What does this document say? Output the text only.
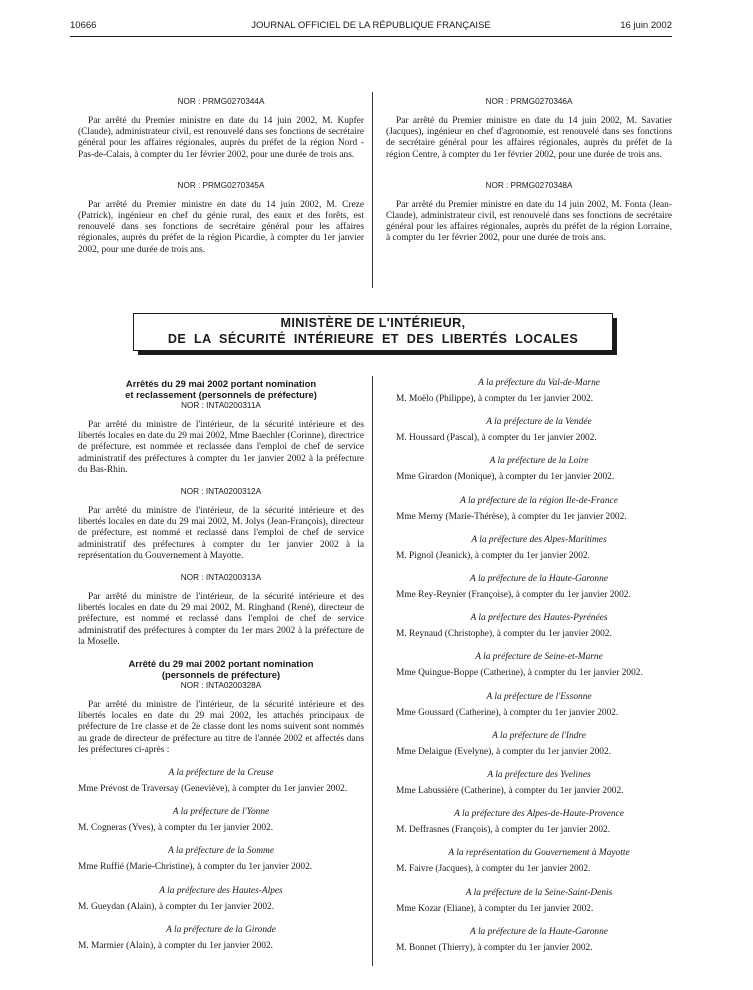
10666	JOURNAL OFFICIEL DE LA RÉPUBLIQUE FRANÇAISE	16 juin 2002
NOR : PRMG0270344A

Par arrêté du Premier ministre en date du 14 juin 2002, M. Kupfer (Claude), administrateur civil, est renouvelé dans ses fonctions de secrétaire général pour les affaires régionales, auprès du préfet de la région Nord - Pas-de-Calais, à compter du 1er février 2002, pour une durée de trois ans.

NOR : PRMG0270345A

Par arrêté du Premier ministre en date du 14 juin 2002, M. Creze (Patrick), ingénieur en chef du génie rural, des eaux et des forêts, est renouvelé dans ses fonctions de secrétaire général pour les affaires régionales, auprès du préfet de la région Picardie, à compter du 1er janvier 2002, pour une durée de trois ans.

NOR : PRMG0270346A

Par arrêté du Premier ministre en date du 14 juin 2002, M. Savatier (Jacques), ingénieur en chef d'agronomie, est renouvelé dans ses fonctions de secrétaire général pour les affaires régionales, auprès du préfet de la région Centre, à compter du 1er février 2002, pour une durée de trois ans.

NOR : PRMG0270348A

Par arrêté du Premier ministre en date du 14 juin 2002, M. Fonta (Jean-Claude), administrateur civil, est renouvelé dans ses fonctions de secrétaire général pour les affaires régionales, auprès du préfet de la région Lorraine, à compter du 1er février 2002, pour une durée de trois ans.

MINISTÈRE DE L'INTÉRIEUR,
DE LA SÉCURITÉ INTÉRIEURE ET DES LIBERTÉS LOCALES
Arrêtés du 29 mai 2002 portant nomination
et reclassement (personnels de préfecture)
NOR : INTA0200311A

Par arrêté du ministre de l'intérieur, de la sécurité intérieure et des libertés locales en date du 29 mai 2002, Mme Baechler (Corinne), directrice de préfecture, est nommée et reclassée dans l'emploi de chef de service administratif des préfectures à compter du 1er janvier 2002 à la préfecture du Bas-Rhin.

NOR : INTA0200312A

Par arrêté du ministre de l'intérieur, de la sécurité intérieure et des libertés locales en date du 29 mai 2002, M. Jolys (Jean-François), directeur de préfecture, est nommé et reclassé dans l'emploi de chef de service administratif des préfectures à compter du 1er janvier 2002 à la représentation du Gouvernement à Mayotte.

NOR : INTA0200313A

Par arrêté du ministre de l'intérieur, de la sécurité intérieure et des libertés locales en date du 29 mai 2002, M. Ringhand (René), directeur de préfecture, est nommé et reclassé dans l'emploi de chef de service administratif des préfectures à compter du 1er mars 2002 à la préfecture de la Moselle.

Arrêté du 29 mai 2002 portant nomination
(personnels de préfecture)
NOR : INTA0200328A

Par arrêté du ministre de l'intérieur, de la sécurité intérieure et des libertés locales en date du 29 mai 2002, les attachés principaux de préfecture de 1re classe et de 2e classe dont les noms suivent sont nommés au grade de directeur de préfecture au titre de l'année 2002 et affectés dans les préfectures ci-après :

A la préfecture de la Creuse
Mme Prévost de Traversay (Geneviève), à compter du 1er janvier 2002.
A la préfecture de l'Yonne
M. Cogneras (Yves), à compter du 1er janvier 2002.
A la préfecture de la Somme
Mme Ruffié (Marie-Christine), à compter du 1er janvier 2002.
A la préfecture des Hautes-Alpes
M. Gueydan (Alain), à compter du 1er janvier 2002.
A la préfecture de la Gironde
M. Marmier (Alain), à compter du 1er janvier 2002.
A la préfecture du Val-de-Marne
M. Moëlo (Philippe), à compter du 1er janvier 2002.
A la préfecture de la Vendée
M. Houssard (Pascal), à compter du 1er janvier 2002.
A la préfecture de la Loire
Mme Girardon (Monique), à compter du 1er janvier 2002.
A la préfecture de la région Ile-de-France
Mme Merny (Marie-Thérèse), à compter du 1er janvier 2002.
A la préfecture des Alpes-Maritimes
M. Pignol (Jeanick), à compter du 1er janvier 2002.
A la préfecture de la Haute-Garonne
Mme Rey-Reynier (Françoise), à compter du 1er janvier 2002.
A la préfecture des Hautes-Pyrénées
M. Reynaud (Christophe), à compter du 1er janvier 2002.
A la préfecture de Seine-et-Marne
Mme Quingue-Boppe (Catherine), à compter du 1er janvier 2002.
A la préfecture de l'Essonne
Mme Goussard (Catherine), à compter du 1er janvier 2002.
A la préfecture de l'Indre
Mme Delaigue (Evelyne), à compter du 1er janvier 2002.
A la préfecture des Yvelines
Mme Labussière (Catherine), à compter du 1er janvier 2002.
A la préfecture des Alpes-de-Haute-Provence
M. Deffrasnes (François), à compter du 1er janvier 2002.
A la représentation du Gouvernement à Mayotte
M. Faivre (Jacques), à compter du 1er janvier 2002.
A la préfecture de la Seine-Saint-Denis
Mme Kozar (Eliane), à compter du 1er janvier 2002.
A la préfecture de la Haute-Garonne
M. Bonnet (Thierry), à compter du 1er janvier 2002.
